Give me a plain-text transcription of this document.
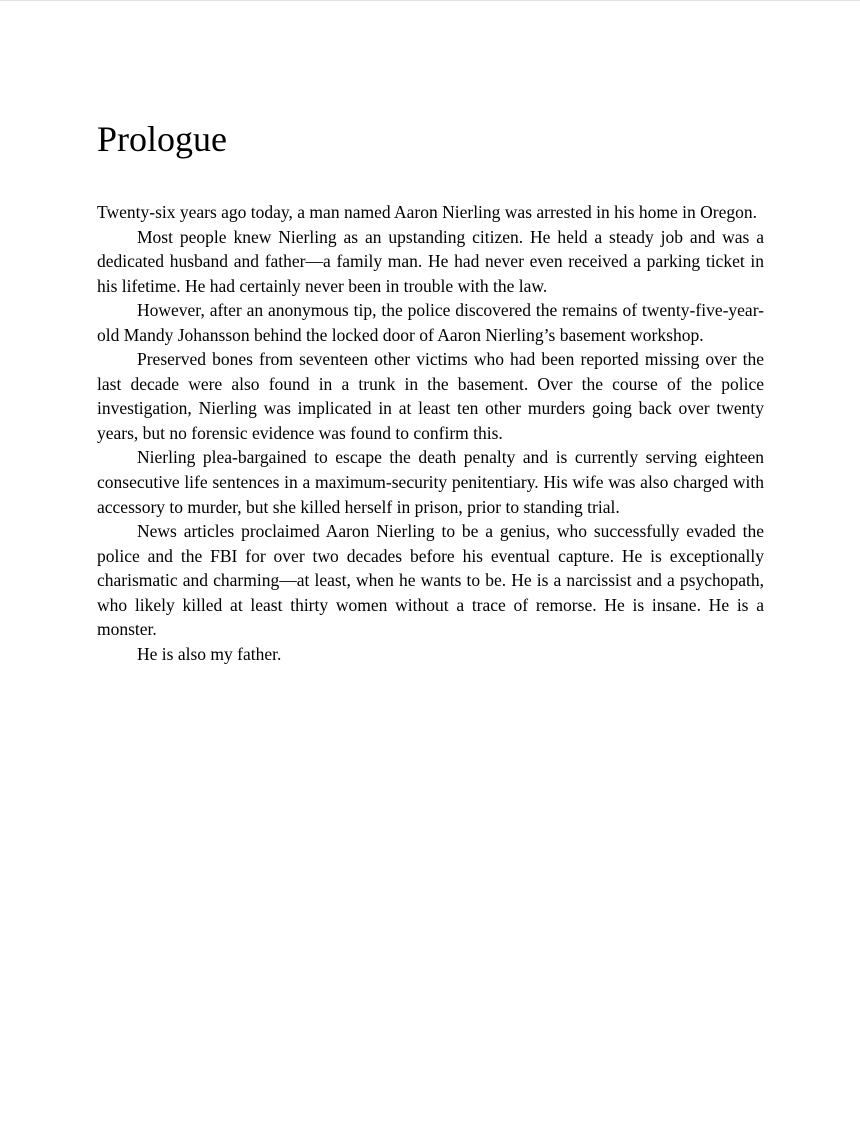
Prologue

Twenty-six years ago today, a man named Aaron Nierling was arrested in his home in Oregon.

Most people knew Nierling as an upstanding citizen. He held a steady job and was a dedicated husband and father—a family man. He had never even received a parking ticket in his lifetime. He had certainly never been in trouble with the law.

However, after an anonymous tip, the police discovered the remains of twenty-five-year-old Mandy Johansson behind the locked door of Aaron Nierling’s basement workshop.

Preserved bones from seventeen other victims who had been reported missing over the last decade were also found in a trunk in the basement. Over the course of the police investigation, Nierling was implicated in at least ten other murders going back over twenty years, but no forensic evidence was found to confirm this.

Nierling plea-bargained to escape the death penalty and is currently serving eighteen consecutive life sentences in a maximum-security penitentiary. His wife was also charged with accessory to murder, but she killed herself in prison, prior to standing trial.

News articles proclaimed Aaron Nierling to be a genius, who successfully evaded the police and the FBI for over two decades before his eventual capture. He is exceptionally charismatic and charming—at least, when he wants to be. He is a narcissist and a psychopath, who likely killed at least thirty women without a trace of remorse. He is insane. He is a monster.

He is also my father.
